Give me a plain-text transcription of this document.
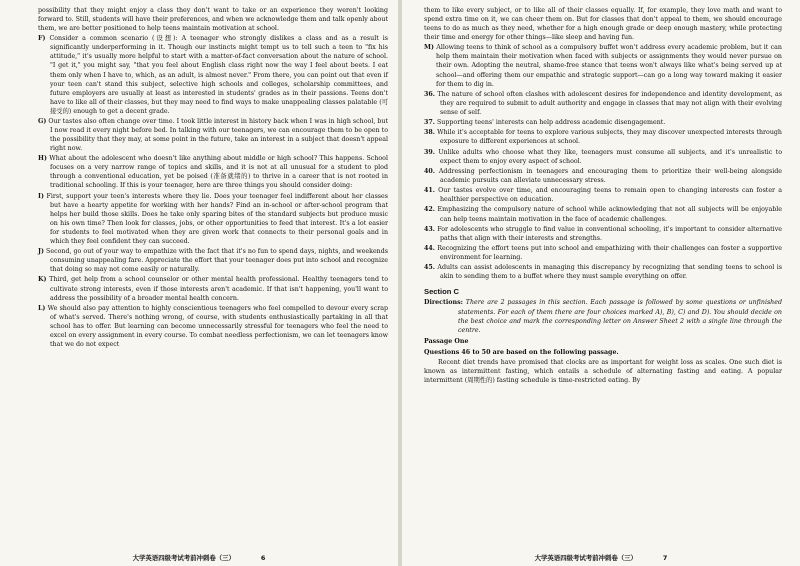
possibility that they might enjoy a class they don't want to take or an experience they weren't looking forward to. Still, students will have their preferences, and when we acknowledge them and talk openly about them, we are better positioned to help teens maintain motivation at school.

F) Consider a common scenario (设想): A teenager who strongly dislikes a class and as a result is significantly underperforming in it. Though our instincts might tempt us to tell such a teen to "fix his attitude," it's usually more helpful to start with a matter-of-fact conversation about the nature of school. "I get it," you might say, "that you feel about English class right now the way I feel about beets. I eat them only when I have to, which, as an adult, is almost never." From there, you can point out that even if your teen can't stand this subject, selective high schools and colleges, scholarship committees, and future employers are usually at least as interested in students' grades as in their passions. Teens don't have to like all of their classes, but they may need to find ways to make unappealing classes palatable (可接受的) enough to get a decent grade.

G) Our tastes also often change over time. I took little interest in history back when I was in high school, but I now read it every night before bed. In talking with our teenagers, we can encourage them to be open to the possibility that they may, at some point in the future, take an interest in a subject that doesn't appeal right now.

H) What about the adolescent who doesn't like anything about middle or high school? This happens. School focuses on a very narrow range of topics and skills, and it is not at all unusual for a student to plod through a conventional education, yet be poised (准备就绪的) to thrive in a career that is not rooted in traditional schooling. If this is your teenager, here are three things you should consider doing:

I) First, support your teen's interests where they lie. Does your teenager feel indifferent about her classes but have a hearty appetite for working with her hands? Find an in-school or after-school program that helps her build those skills. Does he take only sparing bites of the standard subjects but produce music on his own time? Then look for classes, jobs, or other opportunities to feed that interest. It's a lot easier for students to feel motivated when they are given work that connects to their personal goals and in which they feel confident they can succeed.

J) Second, go out of your way to empathize with the fact that it's no fun to spend days, nights, and weekends consuming unappealing fare. Appreciate the effort that your teenager does put into school and recognize that doing so may not come easily or naturally.

K) Third, get help from a school counselor or other mental health professional. Healthy teenagers tend to cultivate strong interests, even if those interests aren't academic. If that isn't happening, you'll want to address the possibility of a broader mental health concern.

L) We should also pay attention to highly conscientious teenagers who feel compelled to devour every scrap of what's served. There's nothing wrong, of course, with students enthusiastically partaking in all that school has to offer. But learning can become unnecessarily stressful for teenagers who feel the need to excel on every assignment in every course. To combat needless perfectionism, we can let teenagers know that we do not expect

大学英语四级考试考前冲刺卷（三）	6

them to like every subject, or to like all of their classes equally. If, for example, they love math and want to spend extra time on it, we can cheer them on. But for classes that don't appeal to them, we should encourage teens to do as much as they need, whether for a high enough grade or deep enough mastery, while protecting their time and energy for other things—like sleep and having fun.

M) Allowing teens to think of school as a compulsory buffet won't address every academic problem, but it can help them maintain their motivation when faced with subjects or assignments they would never pursue on their own. Adopting the neutral, shame-free stance that teens won't always like what's being served up at school—and offering them our empathic and strategic support—can go a long way toward making it easier for them to dig in.

36. The nature of school often clashes with adolescent desires for independence and identity development, as they are required to submit to adult authority and engage in classes that may not align with their evolving sense of self.

37. Supporting teens' interests can help address academic disengagement.

38. While it's acceptable for teens to explore various subjects, they may discover unexpected interests through exposure to different experiences at school.

39. Unlike adults who choose what they like, teenagers must consume all subjects, and it's unrealistic to expect them to enjoy every aspect of school.

40. Addressing perfectionism in teenagers and encouraging them to prioritize their well-being alongside academic pursuits can alleviate unnecessary stress.

41. Our tastes evolve over time, and encouraging teens to remain open to changing interests can foster a healthier perspective on education.

42. Emphasizing the compulsory nature of school while acknowledging that not all subjects will be enjoyable can help teens maintain motivation in the face of academic challenges.

43. For adolescents who struggle to find value in conventional schooling, it's important to consider alternative paths that align with their interests and strengths.

44. Recognizing the effort teens put into school and empathizing with their challenges can foster a supportive environment for learning.

45. Adults can assist adolescents in managing this discrepancy by recognizing that sending teens to school is akin to sending them to a buffet where they must sample everything on offer.

Section C

Directions: There are 2 passages in this section. Each passage is followed by some questions or unfinished statements. For each of them there are four choices marked A), B), C) and D). You should decide on the best choice and mark the corresponding letter on Answer Sheet 2 with a single line through the centre.

Passage One
Questions 46 to 50 are based on the following passage.

Recent diet trends have promised that clocks are as important for weight loss as scales. One such diet is known as intermittent fasting, which entails a schedule of alternating fasting and eating. A popular intermittent (周期性的) fasting schedule is time-restricted eating. By

大学英语四级考试考前冲刺卷（三）	7
